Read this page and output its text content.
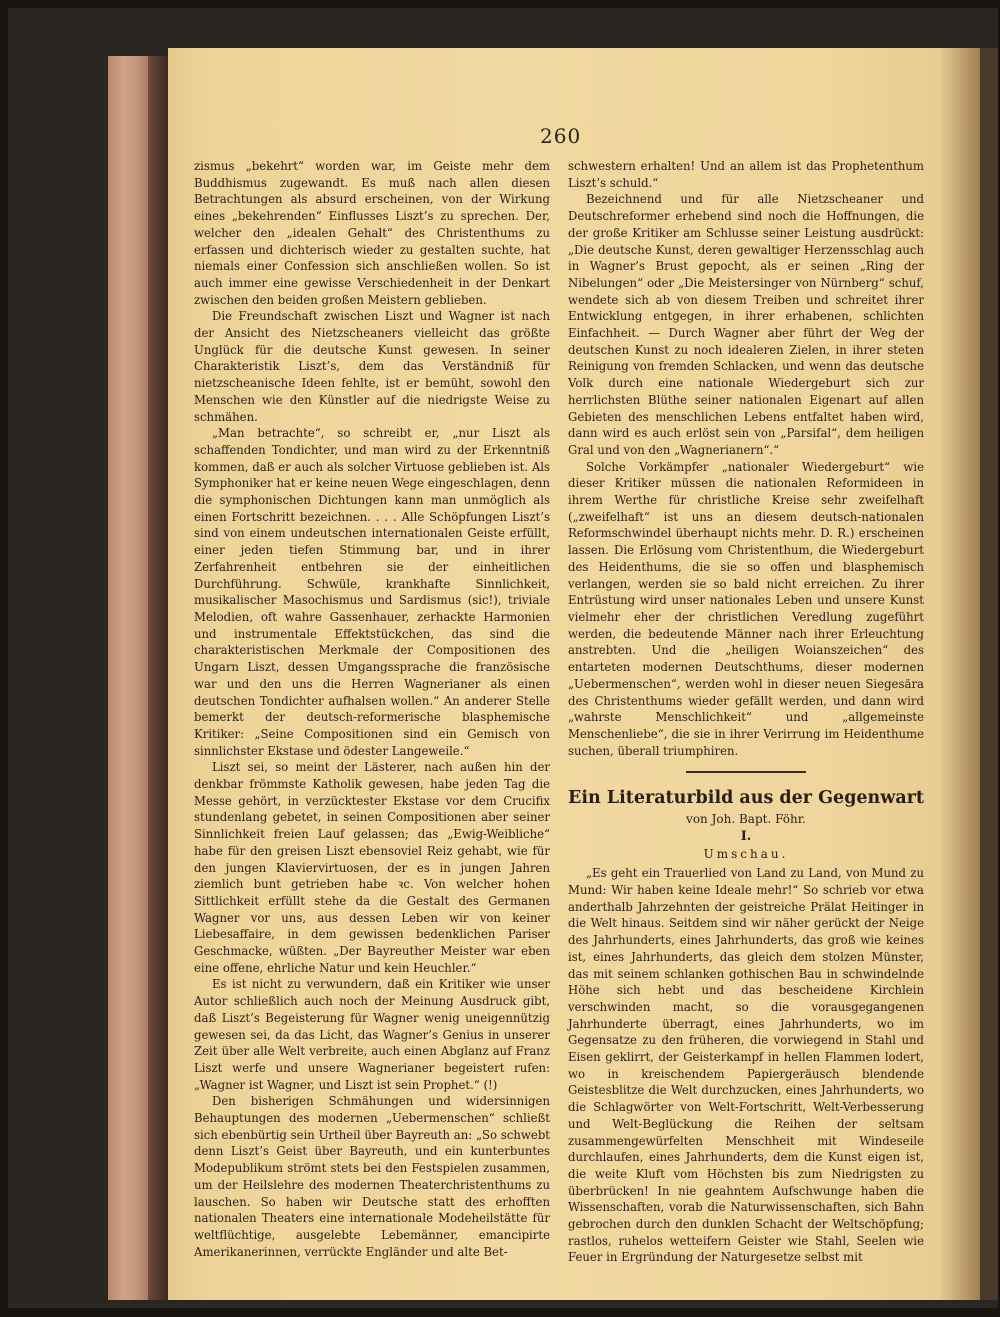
260

zismus „bekehrt“ worden war, im Geiste mehr dem Buddhismus zugewandt. Es muß nach allen diesen Betrachtungen als absurd erscheinen, von der Wirkung eines „bekehrenden“ Einflusses Liszt’s zu sprechen. Der, welcher den „idealen Gehalt“ des Christenthums zu erfassen und dichterisch wieder zu gestalten suchte, hat niemals einer Confession sich anschließen wollen. So ist auch immer eine gewisse Verschiedenheit in der Denkart zwischen den beiden großen Meistern geblieben.

Die Freundschaft zwischen Liszt und Wagner ist nach der Ansicht des Nietzscheaners vielleicht das größte Unglück für die deutsche Kunst gewesen. In seiner Charakteristik Liszt’s, dem das Verständniß für nietzscheanische Ideen fehlte, ist er bemüht, sowohl den Menschen wie den Künstler auf die niedrigste Weise zu schmähen.

„Man betrachte“, so schreibt er, „nur Liszt als schaffenden Tondichter, und man wird zu der Erkenntniß kommen, daß er auch als solcher Virtuose geblieben ist. Als Symphoniker hat er keine neuen Wege eingeschlagen, denn die symphonischen Dichtungen kann man unmöglich als einen Fortschritt bezeichnen. . . . Alle Schöpfungen Liszt’s sind von einem undeutschen internationalen Geiste erfüllt, einer jeden tiefen Stimmung bar, und in ihrer Zerfahrenheit entbehren sie der einheitlichen Durchführung. Schwüle, krankhafte Sinnlichkeit, musikalischer Masochismus und Sardismus (sic!), triviale Melodien, oft wahre Gassenhauer, zerhackte Harmonien und instrumentale Effektstückchen, das sind die charakteristischen Merkmale der Compositionen des Ungarn Liszt, dessen Umgangssprache die französische war und den uns die Herren Wagnerianer als einen deutschen Tondichter aufhalsen wollen.“ An anderer Stelle bemerkt der deutsch-reformerische blasphemische Kritiker: „Seine Compositionen sind ein Gemisch von sinnlichster Ekstase und ödester Langeweile.“

Liszt sei, so meint der Lästerer, nach außen hin der denkbar frömmste Katholik gewesen, habe jeden Tag die Messe gehört, in verzücktester Ekstase vor dem Crucifix stundenlang gebetet, in seinen Compositionen aber seiner Sinnlichkeit freien Lauf gelassen; das „Ewig-Weibliche“ habe für den greisen Liszt ebensoviel Reiz gehabt, wie für den jungen Klaviervirtuosen, der es in jungen Jahren ziemlich bunt getrieben habe ꝛc. Von welcher hohen Sittlichkeit erfüllt stehe da die Gestalt des Germanen Wagner vor uns, aus dessen Leben wir von keiner Liebesaffaire, in dem gewissen bedenklichen Pariser Geschmacke, wüßten. „Der Bayreuther Meister war eben eine offene, ehrliche Natur und kein Heuchler.“

Es ist nicht zu verwundern, daß ein Kritiker wie unser Autor schließlich auch noch der Meinung Ausdruck gibt, daß Liszt’s Begeisterung für Wagner wenig uneigennützig gewesen sei, da das Licht, das Wagner’s Genius in unserer Zeit über alle Welt verbreite, auch einen Abglanz auf Franz Liszt werfe und unsere Wagnerianer begeistert rufen: „Wagner ist Wagner, und Liszt ist sein Prophet.“ (!)

Den bisherigen Schmähungen und widersinnigen Behauptungen des modernen „Uebermenschen“ schließt sich ebenbürtig sein Urtheil über Bayreuth an: „So schwebt denn Liszt’s Geist über Bayreuth, und ein kunterbuntes Modepublikum strömt stets bei den Festspielen zusammen, um der Heilslehre des modernen Theaterchristenthums zu lauschen. So haben wir Deutsche statt des erhofften nationalen Theaters eine internationale Modeheilstätte für weltflüchtige, ausgelebte Lebemänner, emancipirte Amerikanerinnen, verrückte Engländer und alte Bet-

schwestern erhalten! Und an allem ist das Prophetenthum Liszt’s schuld.“

Bezeichnend und für alle Nietzscheaner und Deutschreformer erhebend sind noch die Hoffnungen, die der große Kritiker am Schlusse seiner Leistung ausdrückt: „Die deutsche Kunst, deren gewaltiger Herzensschlag auch in Wagner’s Brust gepocht, als er seinen „Ring der Nibelungen“ oder „Die Meistersinger von Nürnberg“ schuf, wendete sich ab von diesem Treiben und schreitet ihrer Entwicklung entgegen, in ihrer erhabenen, schlichten Einfachheit. — Durch Wagner aber führt der Weg der deutschen Kunst zu noch idealeren Zielen, in ihrer steten Reinigung von fremden Schlacken, und wenn das deutsche Volk durch eine nationale Wiedergeburt sich zur herrlichsten Blüthe seiner nationalen Eigenart auf allen Gebieten des menschlichen Lebens entfaltet haben wird, dann wird es auch erlöst sein von „Parsifal“, dem heiligen Gral und von den „Wagnerianern“.“

Solche Vorkämpfer „nationaler Wiedergeburt“ wie dieser Kritiker müssen die nationalen Reformideen in ihrem Werthe für christliche Kreise sehr zweifelhaft („zweifelhaft“ ist uns an diesem deutsch-nationalen Reformschwindel überhaupt nichts mehr. D. R.) erscheinen lassen. Die Erlösung vom Christenthum, die Wiedergeburt des Heidenthums, die sie so offen und blasphemisch verlangen, werden sie so bald nicht erreichen. Zu ihrer Entrüstung wird unser nationales Leben und unsere Kunst vielmehr eher der christlichen Veredlung zugeführt werden, die bedeutende Männer nach ihrer Erleuchtung anstrebten. Und die „heiligen Woianszeichen“ des entarteten modernen Deutschthums, dieser modernen „Uebermenschen“, werden wohl in dieser neuen Siegesära des Christenthums wieder gefällt werden, und dann wird „wahrste Menschlichkeit“ und „allgemeinste Menschenliebe“, die sie in ihrer Verirrung im Heidenthume suchen, überall triumphiren.

Ein Literaturbild aus der Gegenwart
von Joh. Bapt. Föhr.
I.
Umschau.

„Es geht ein Trauerlied von Land zu Land, von Mund zu Mund: Wir haben keine Ideale mehr!“ So schrieb vor etwa anderthalb Jahrzehnten der geistreiche Prälat Heitinger in die Welt hinaus. Seitdem sind wir näher gerückt der Neige des Jahrhunderts, eines Jahrhunderts, das groß wie keines ist, eines Jahrhunderts, das gleich dem stolzen Münster, das mit seinem schlanken gothischen Bau in schwindelnde Höhe sich hebt und das bescheidene Kirchlein verschwinden macht, so die vorausgegangenen Jahrhunderte überragt, eines Jahrhunderts, wo im Gegensatze zu den früheren, die vorwiegend in Stahl und Eisen geklirrt, der Geisterkampf in hellen Flammen lodert, wo in kreischendem Papiergeräusch blendende Geistesblitze die Welt durchzucken, eines Jahrhunderts, wo die Schlagwörter von Welt-Fortschritt, Welt-Verbesserung und Welt-Beglückung die Reihen der seltsam zusammengewürfelten Menschheit mit Windeseile durchlaufen, eines Jahrhunderts, dem die Kunst eigen ist, die weite Kluft vom Höchsten bis zum Niedrigsten zu überbrücken! In nie geahntem Aufschwunge haben die Wissenschaften, vorab die Naturwissenschaften, sich Bahn gebrochen durch den dunklen Schacht der Weltschöpfung; rastlos, ruhelos wetteifern Geister wie Stahl, Seelen wie Feuer in Ergründung der Naturgesetze selbst mit
